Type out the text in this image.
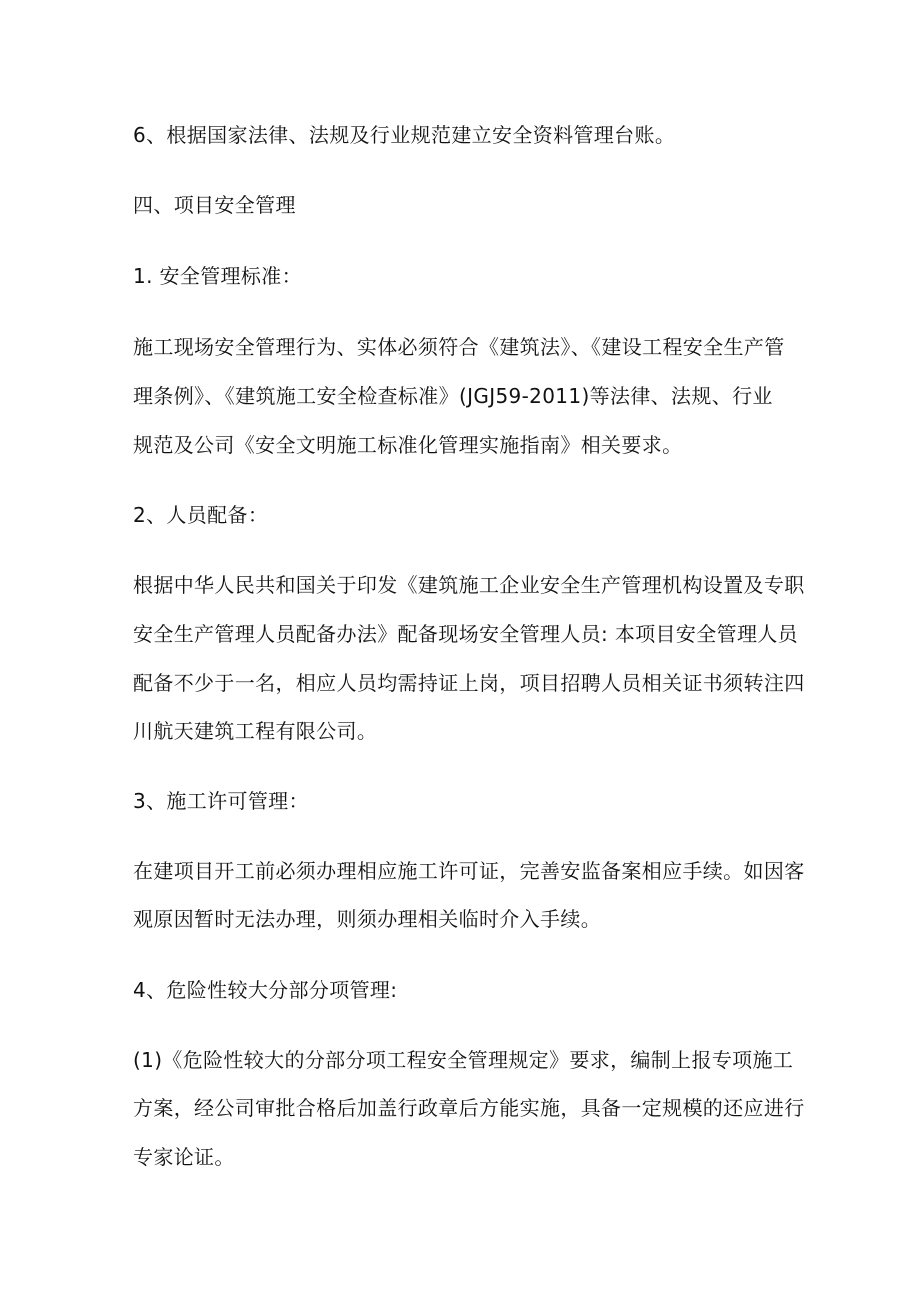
6、根据国家法律、法规及行业规范建立安全资料管理台账。
四、项目安全管理
1. 安全管理标准：
施工现场安全管理行为、实体必须符合《建筑法》、《建设工程安全生产管
理条例》、《建筑施工安全检查标准》(JGJ59-2011)等法律、法规、行业
规范及公司《安全文明施工标准化管理实施指南》相关要求。
2、人员配备：
根据中华人民共和国关于印发《建筑施工企业安全生产管理机构设置及专职
安全生产管理人员配备办法》配备现场安全管理人员: 本项目安全管理人员
配备不少于一名，相应人员均需持证上岗，项目招聘人员相关证书须转注四
川航天建筑工程有限公司。
3、施工许可管理：
在建项目开工前必须办理相应施工许可证，完善安监备案相应手续。如因客
观原因暂时无法办理，则须办理相关临时介入手续。
4、危险性较大分部分项管理:
(1)《危险性较大的分部分项工程安全管理规定》要求，编制上报专项施工
方案，经公司审批合格后加盖行政章后方能实施，具备一定规模的还应进行
专家论证。
